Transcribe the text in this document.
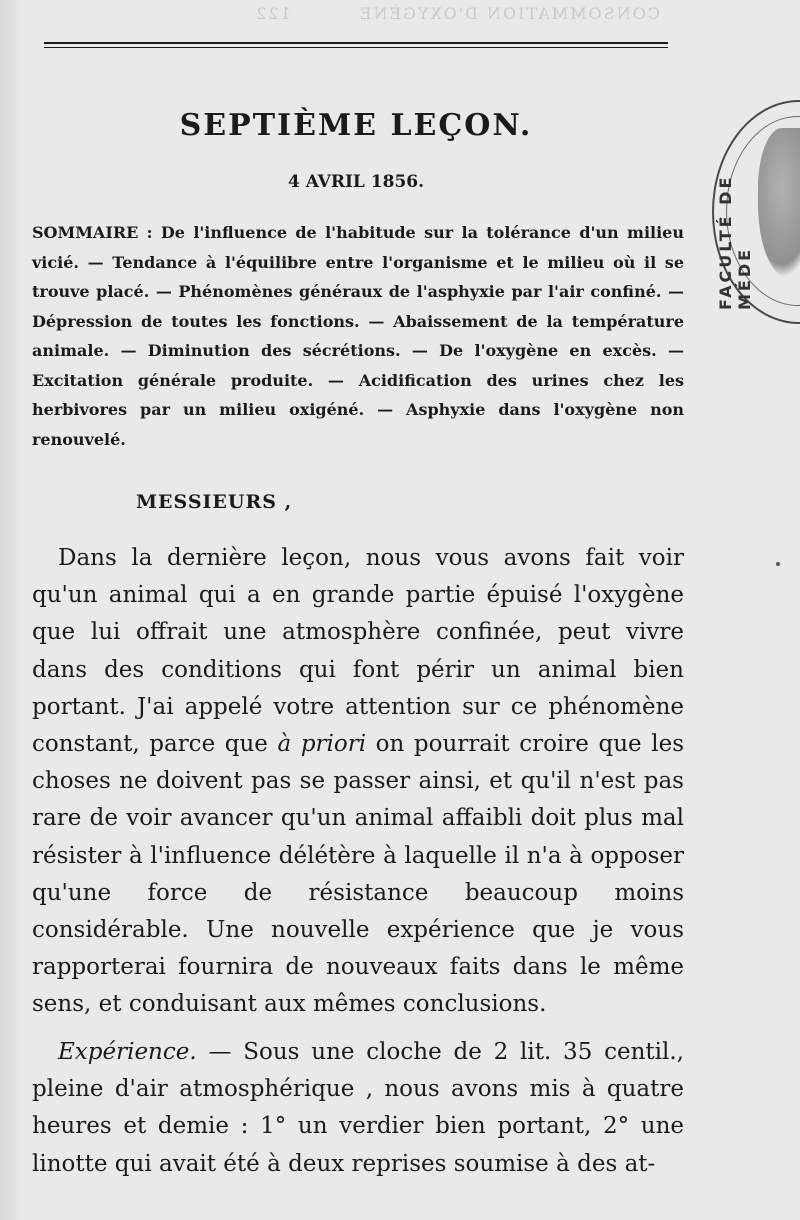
CONSOMMATION D'OXYGÈNE 122
SEPTIÈME LEÇON.
4 AVRIL 1856.
SOMMAIRE : De l'influence de l'habitude sur la tolérance d'un milieu vicié. — Tendance à l'équilibre entre l'organisme et le milieu où il se trouve placé. — Phénomènes généraux de l'asphyxie par l'air confiné. — Dépression de toutes les fonctions. — Abaissement de la température animale. — Diminution des sécrétions. — De l'oxygène en excès. — Excitation générale produite. — Acidification des urines chez les herbivores par un milieu oxigéné. — Asphyxie dans l'oxygène non renouvelé.
MESSIEURS ,
Dans la dernière leçon, nous vous avons fait voir qu'un animal qui a en grande partie épuisé l'oxygène que lui offrait une atmosphère confinée, peut vivre dans des conditions qui font périr un animal bien portant. J'ai appelé votre attention sur ce phénomène constant, parce que à priori on pourrait croire que les choses ne doivent pas se passer ainsi, et qu'il n'est pas rare de voir avancer qu'un animal affaibli doit plus mal résister à l'influence délétère à laquelle il n'a à opposer qu'une force de résistance beaucoup moins considérable. Une nouvelle expérience que je vous rapporterai fournira de nouveaux faits dans le même sens, et conduisant aux mêmes conclusions.
Expérience. — Sous une cloche de 2 lit. 35 centil., pleine d'air atmosphérique , nous avons mis à quatre heures et demie : 1° un verdier bien portant, 2° une linotte qui avait été à deux reprises soumise à des at-
FACULTÉ DE MÉDE
